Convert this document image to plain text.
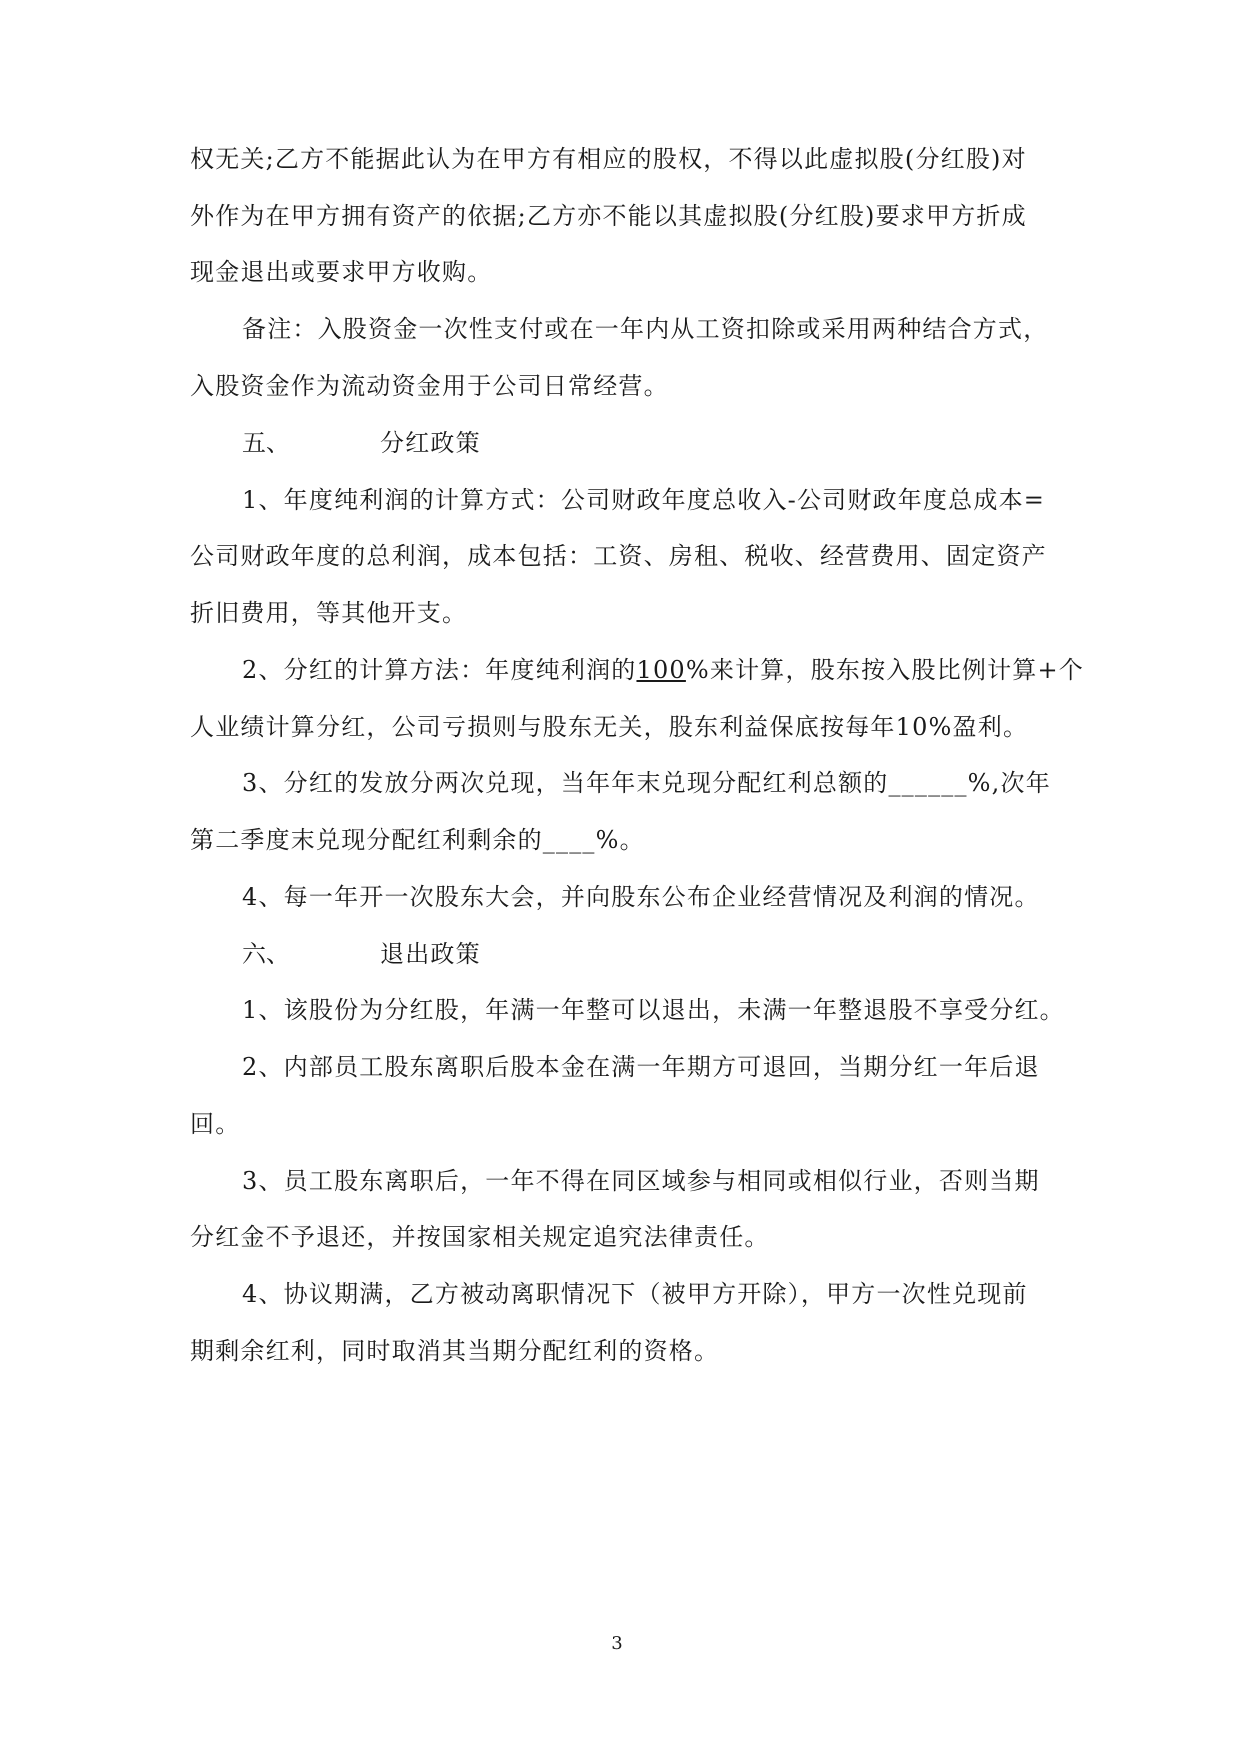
权无关;乙方不能据此认为在甲方有相应的股权，不得以此虚拟股(分红股)对
外作为在甲方拥有资产的依据;乙方亦不能以其虚拟股(分红股)要求甲方折成
现金退出或要求甲方收购。
备注：入股资金一次性支付或在一年内从工资扣除或采用两种结合方式，
入股资金作为流动资金用于公司日常经营。
五、	分红政策
1、年度纯利润的计算方式：公司财政年度总收入-公司财政年度总成本=
公司财政年度的总利润，成本包括：工资、房租、税收、经营费用、固定资产
折旧费用，等其他开支。
2、分红的计算方法：年度纯利润的100%来计算，股东按入股比例计算+个
人业绩计算分红，公司亏损则与股东无关，股东利益保底按每年10%盈利。
3、分红的发放分两次兑现，当年年末兑现分配红利总额的______%,次年
第二季度末兑现分配红利剩余的____%。
4、每一年开一次股东大会，并向股东公布企业经营情况及利润的情况。
六、	退出政策
1、该股份为分红股，年满一年整可以退出，未满一年整退股不享受分红。
2、内部员工股东离职后股本金在满一年期方可退回，当期分红一年后退
回。
3、员工股东离职后，一年不得在同区域参与相同或相似行业，否则当期
分红金不予退还，并按国家相关规定追究法律责任。
4、协议期满，乙方被动离职情况下（被甲方开除），甲方一次性兑现前
期剩余红利，同时取消其当期分配红利的资格。
3
